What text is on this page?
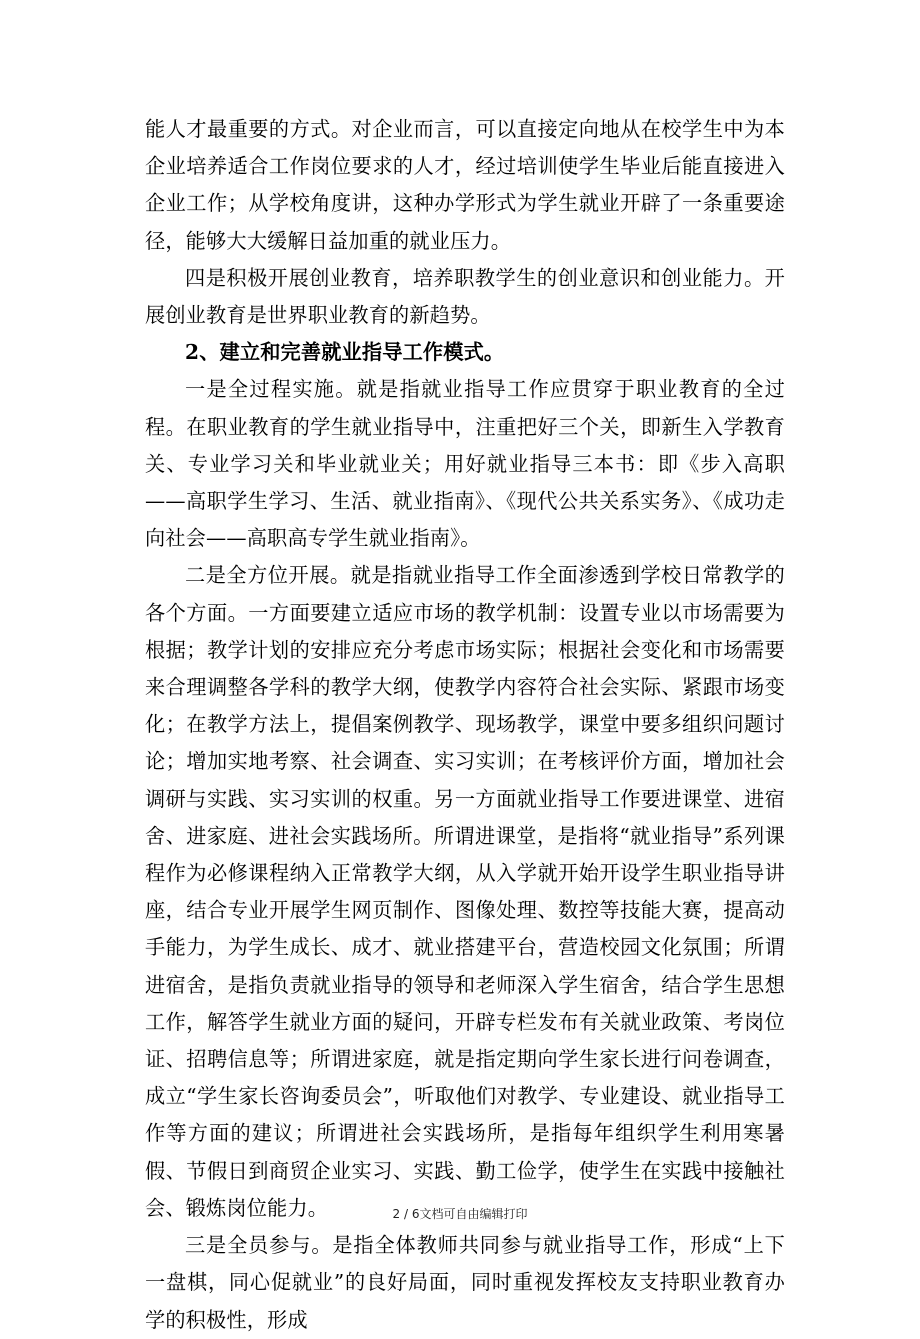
能人才最重要的方式。对企业而言，可以直接定向地从在校学生中为本企业培养适合工作岗位要求的人才，经过培训使学生毕业后能直接进入企业工作；从学校角度讲，这种办学形式为学生就业开辟了一条重要途径，能够大大缓解日益加重的就业压力。

四是积极开展创业教育，培养职教学生的创业意识和创业能力。开展创业教育是世界职业教育的新趋势。

2、建立和完善就业指导工作模式。

一是全过程实施。就是指就业指导工作应贯穿于职业教育的全过程。在职业教育的学生就业指导中，注重把好三个关，即新生入学教育关、专业学习关和毕业就业关；用好就业指导三本书：即《步入高职——高职学生学习、生活、就业指南》、《现代公共关系实务》、《成功走向社会——高职高专学生就业指南》。

二是全方位开展。就是指就业指导工作全面渗透到学校日常教学的各个方面。一方面要建立适应市场的教学机制：设置专业以市场需要为根据；教学计划的安排应充分考虑市场实际；根据社会变化和市场需要来合理调整各学科的教学大纲，使教学内容符合社会实际、紧跟市场变化；在教学方法上，提倡案例教学、现场教学，课堂中要多组织问题讨论；增加实地考察、社会调查、实习实训；在考核评价方面，增加社会调研与实践、实习实训的权重。另一方面就业指导工作要进课堂、进宿舍、进家庭、进社会实践场所。所谓进课堂，是指将“就业指导”系列课程作为必修课程纳入正常教学大纲，从入学就开始开设学生职业指导讲座，结合专业开展学生网页制作、图像处理、数控等技能大赛，提高动手能力，为学生成长、成才、就业搭建平台，营造校园文化氛围；所谓进宿舍，是指负责就业指导的领导和老师深入学生宿舍，结合学生思想工作，解答学生就业方面的疑问，开辟专栏发布有关就业政策、考岗位证、招聘信息等；所谓进家庭，就是指定期向学生家长进行问卷调查，成立“学生家长咨询委员会”，听取他们对教学、专业建设、就业指导工作等方面的建议；所谓进社会实践场所，是指每年组织学生利用寒暑假、节假日到商贸企业实习、实践、勤工俭学，使学生在实践中接触社会、锻炼岗位能力。

三是全员参与。是指全体教师共同参与就业指导工作，形成“上下一盘棋，同心促就业”的良好局面，同时重视发挥校友支持职业教育办学的积极性，形成

2 / 6文档可自由编辑打印
